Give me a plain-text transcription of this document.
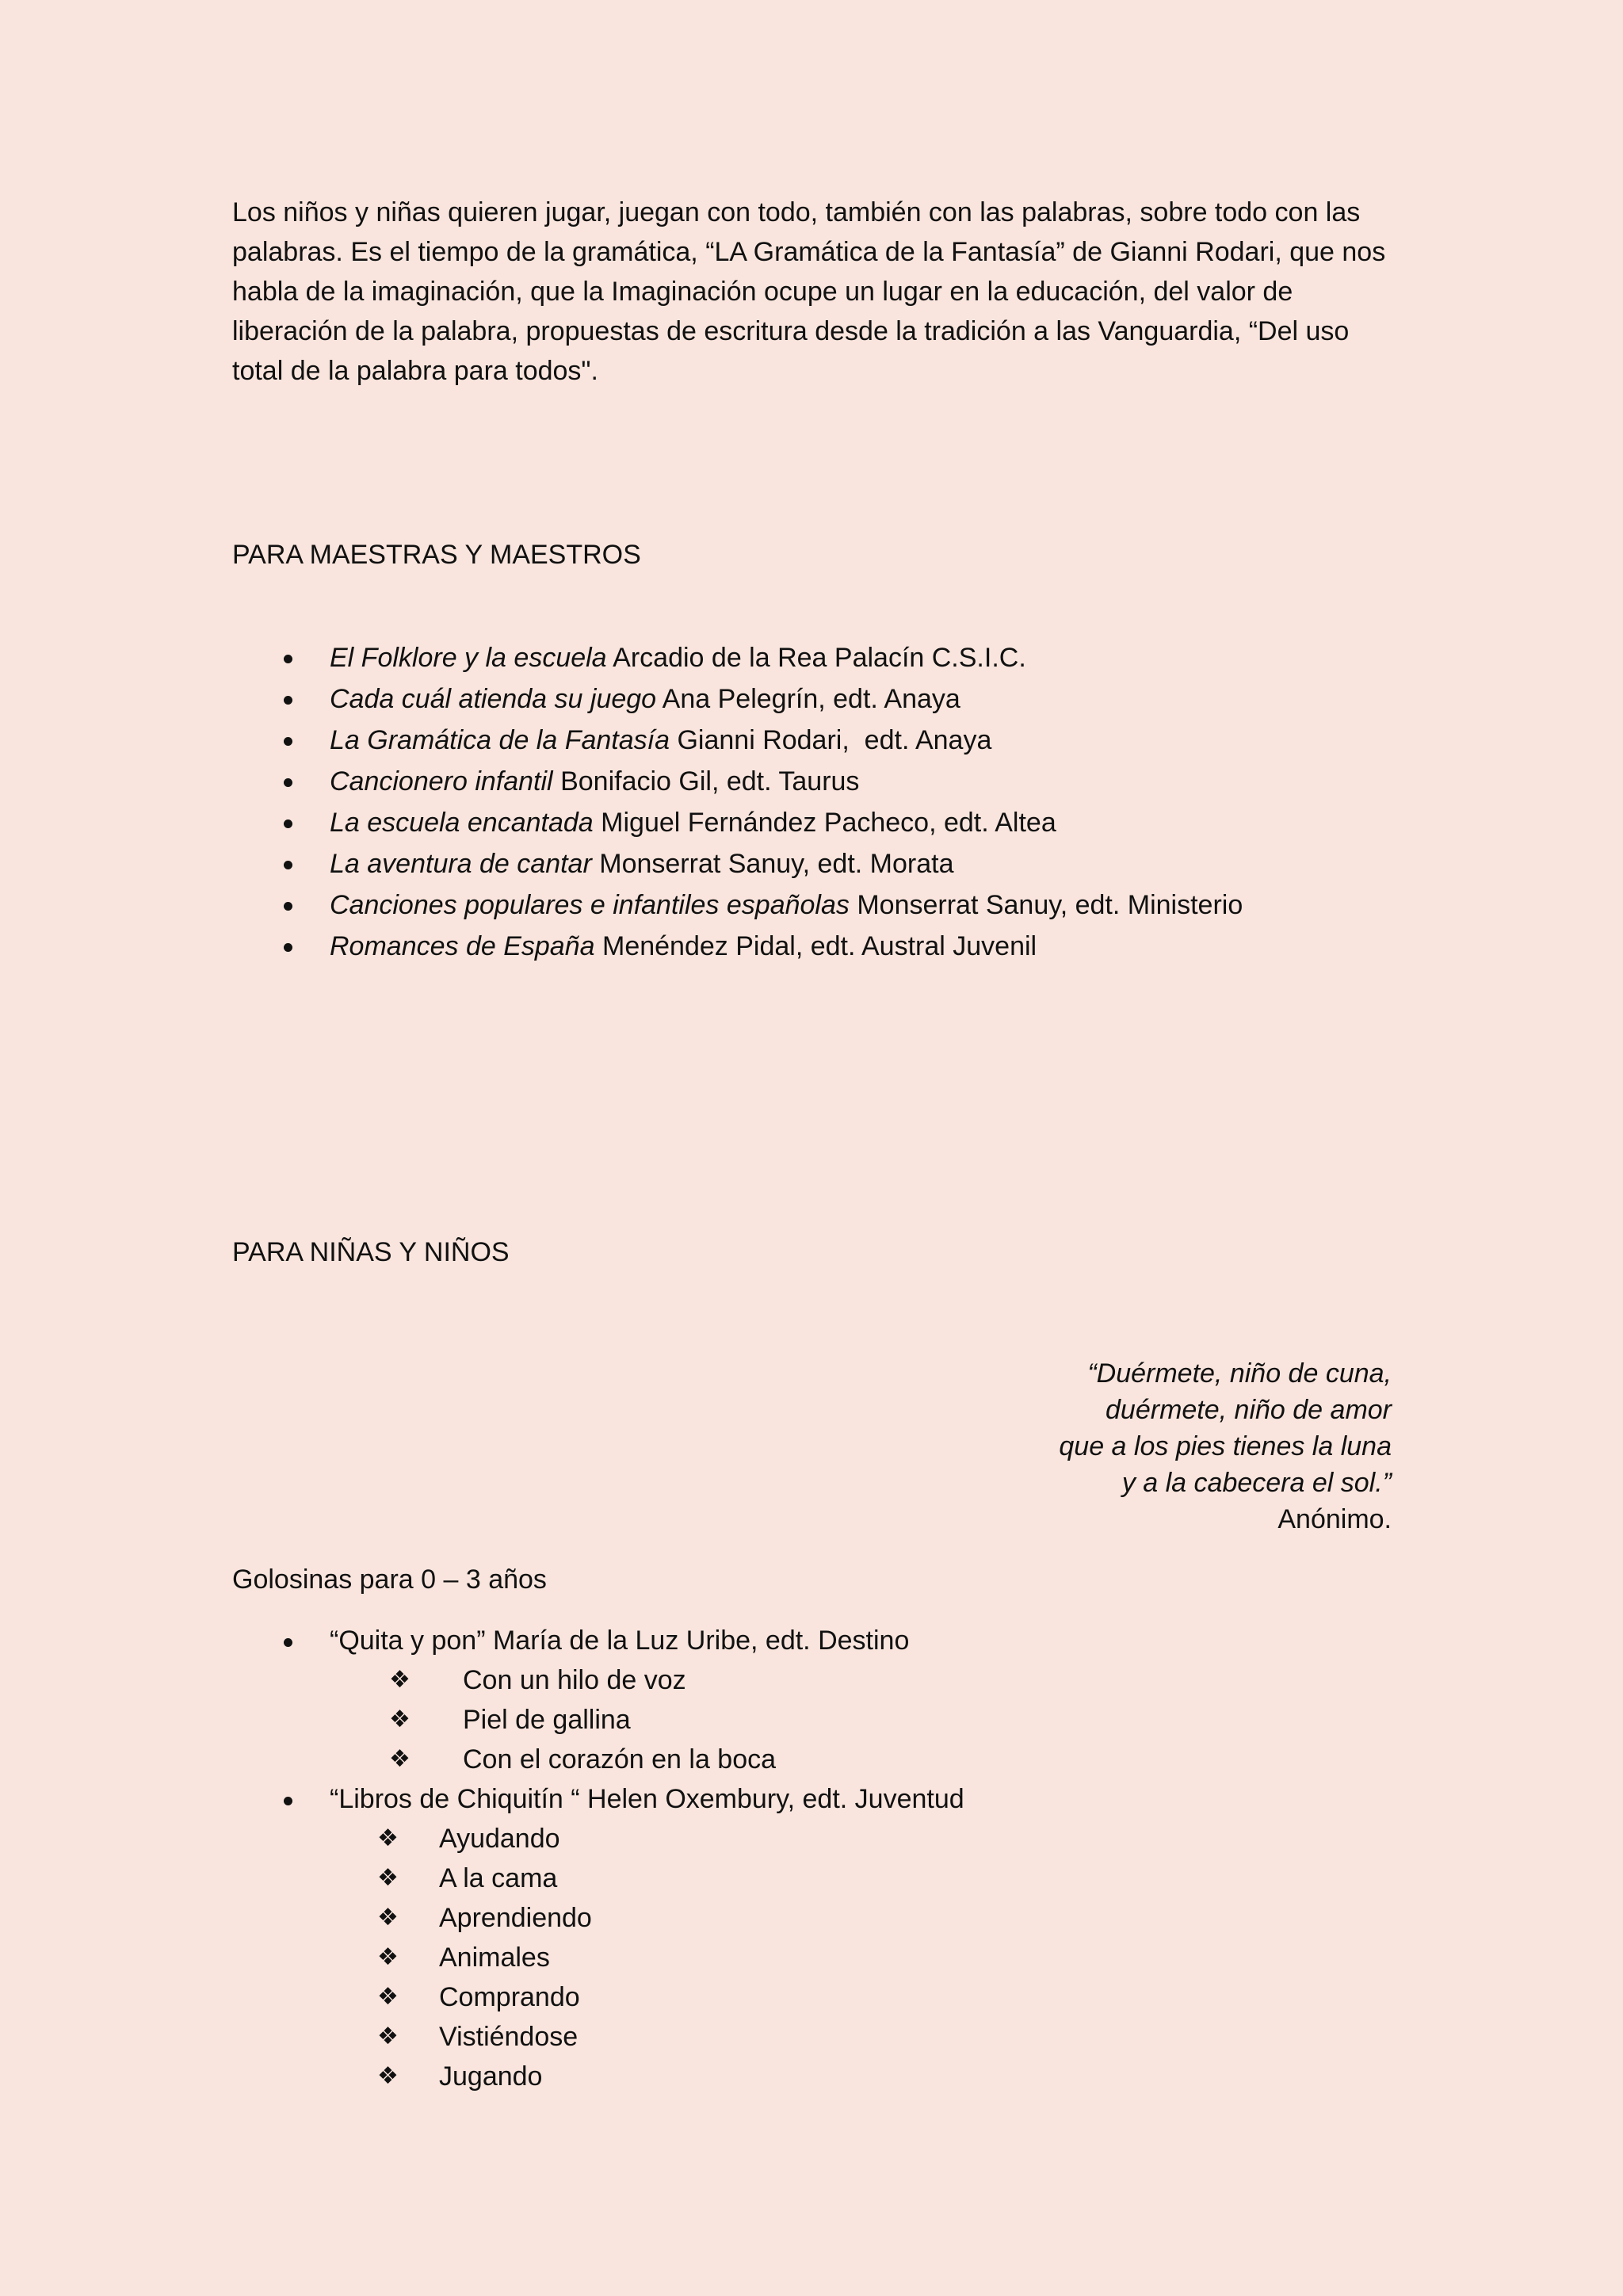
Los niños y niñas quieren jugar, juegan con todo, también con las palabras, sobre todo con las palabras. Es el tiempo de la gramática, “LA Gramática de la Fantasía” de Gianni Rodari, que nos habla de la imaginación, que la Imaginación ocupe un lugar en la educación, del valor de liberación de la palabra, propuestas de escritura desde la tradición a las Vanguardia, “Del uso total de la palabra para todos".

PARA MAESTRAS Y MAESTROS
El Folklore y la escuela Arcadio de la Rea Palacín C.S.I.C.
Cada cuál atienda su juego Ana Pelegrín, edt. Anaya
La Gramática de la Fantasía Gianni Rodari,  edt. Anaya
Cancionero infantil Bonifacio Gil, edt. Taurus
La escuela encantada Miguel Fernández Pacheco, edt. Altea
La aventura de cantar Monserrat Sanuy, edt. Morata
Canciones populares e infantiles españolas Monserrat Sanuy, edt. Ministerio
Romances de España Menéndez Pidal, edt. Austral Juvenil
PARA NIÑAS Y NIÑOS
“Duérmete, niño de cuna,
duérmete, niño de amor
que a los pies tienes la luna
y a la cabecera el sol.”
Anónimo.
Golosinas para 0 – 3 años
“Quita y pon” María de la Luz Uribe, edt. Destino
❖ Con un hilo de voz
❖ Piel de gallina
❖ Con el corazón en la boca
“Libros de Chiquitín “ Helen Oxembury, edt. Juventud
❖ Ayudando
❖ A la cama
❖ Aprendiendo
❖ Animales
❖ Comprando
❖ Vistiéndose
❖ Jugando
